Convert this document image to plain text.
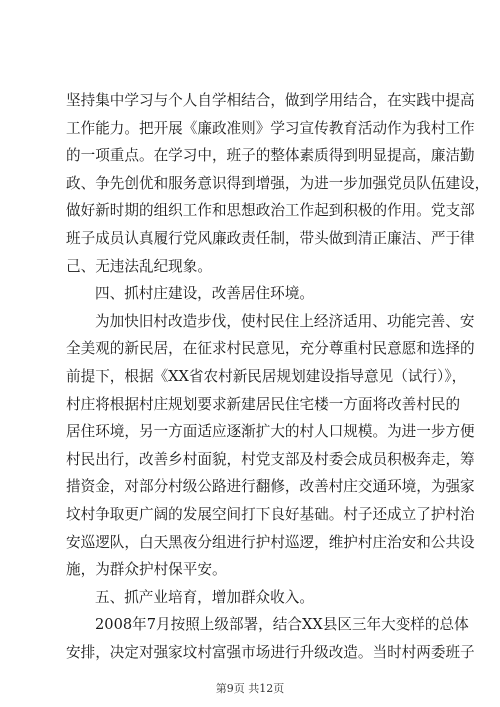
坚持集中学习与个人自学相结合，做到学用结合，在实践中提高
工作能力。把开展《廉政准则》学习宣传教育活动作为我村工作
的一项重点。在学习中，班子的整体素质得到明显提高，廉洁勤
政、争先创优和服务意识得到增强，为进一步加强党员队伍建设，
做好新时期的组织工作和思想政治工作起到积极的作用。党支部
班子成员认真履行党风廉政责任制，带头做到清正廉洁、严于律
己、无违法乱纪现象。
四、抓村庄建设，改善居住环境。
为加快旧村改造步伐，使村民住上经济适用、功能完善、安
全美观的新民居，在征求村民意见，充分尊重村民意愿和选择的
前提下，根据《XX省农村新民居规划建设指导意见（试行）》，
村庄将根据村庄规划要求新建居民住宅楼一方面将改善村民的
居住环境，另一方面适应逐渐扩大的村人口规模。为进一步方便
村民出行，改善乡村面貌，村党支部及村委会成员积极奔走，筹
措资金，对部分村级公路进行翻修，改善村庄交通环境，为强家
坟村争取更广阔的发展空间打下良好基础。村子还成立了护村治
安巡逻队，白天黑夜分组进行护村巡逻，维护村庄治安和公共设
施，为群众护村保平安。
五、抓产业培育，增加群众收入。
2008年7月按照上级部署，结合XX县区三年大变样的总体
安排，决定对强家坟村富强市场进行升级改造。当时村两委班子
第9页 共12页
